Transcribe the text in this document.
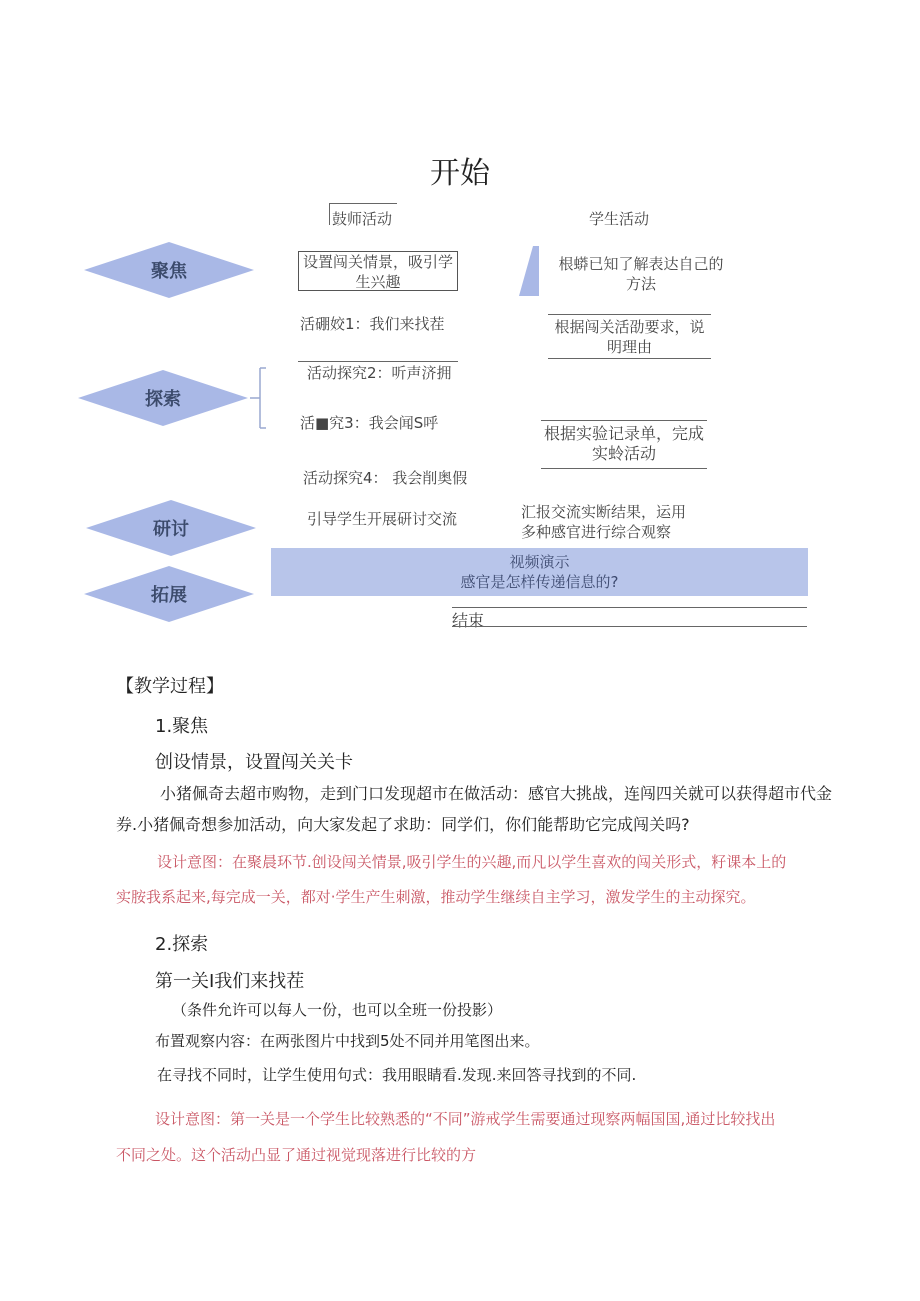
开始
鼓师活动	学生活动
聚焦
探索
研讨
拓展
设置闯关情景，吸引学生兴趣
根蟒已知了解表达自己的方法
活硼姣1：我们来找茬
活动探究2：听声济拥
活■究3：我会闻S呼
活动探究4： 我会削奥假
根据闯关活劭要求，说明理由
根据实验记录单，完成实蛉活动
引导学生开展研讨交流	汇报交流实断结果，运用多种感官进行综合观察
视频演示
感官是怎样传递信息的?
结束
【教学过程】
1.聚焦
创设情景，设置闯关关卡
小猪佩奇去超市购物，走到门口发现超市在做活动：感官大挑战，连闯四关就可以获得超市代金
券.小猪佩奇想参加活动，向大家发起了求助：同学们，你们能帮助它完成闯关吗?
设计意图：在聚晨环节.创设闯关情景,吸引学生的兴趣,而凡以学生喜欢的闯关形式，籽课本上的
实胺我系起来,每完成一关，都对·学生产生刺激，推动学生继续自主学习，激发学生的主动探究。
2.探索
第一关I我们来找茬
（条件允许可以每人一份，也可以全班一份投影）
布置观察内容：在两张图片中找到5处不同并用笔图出来。
在寻找不同时，让学生使用句式：我用眼睛看.发现.来回答寻找到的不同.
设计意图：第一关是一个学生比较熟悉的“不同”游戒学生需要通过现察两幅国国,通过比较找出
不同之处。这个活动凸显了通过视觉现落进行比较的方
